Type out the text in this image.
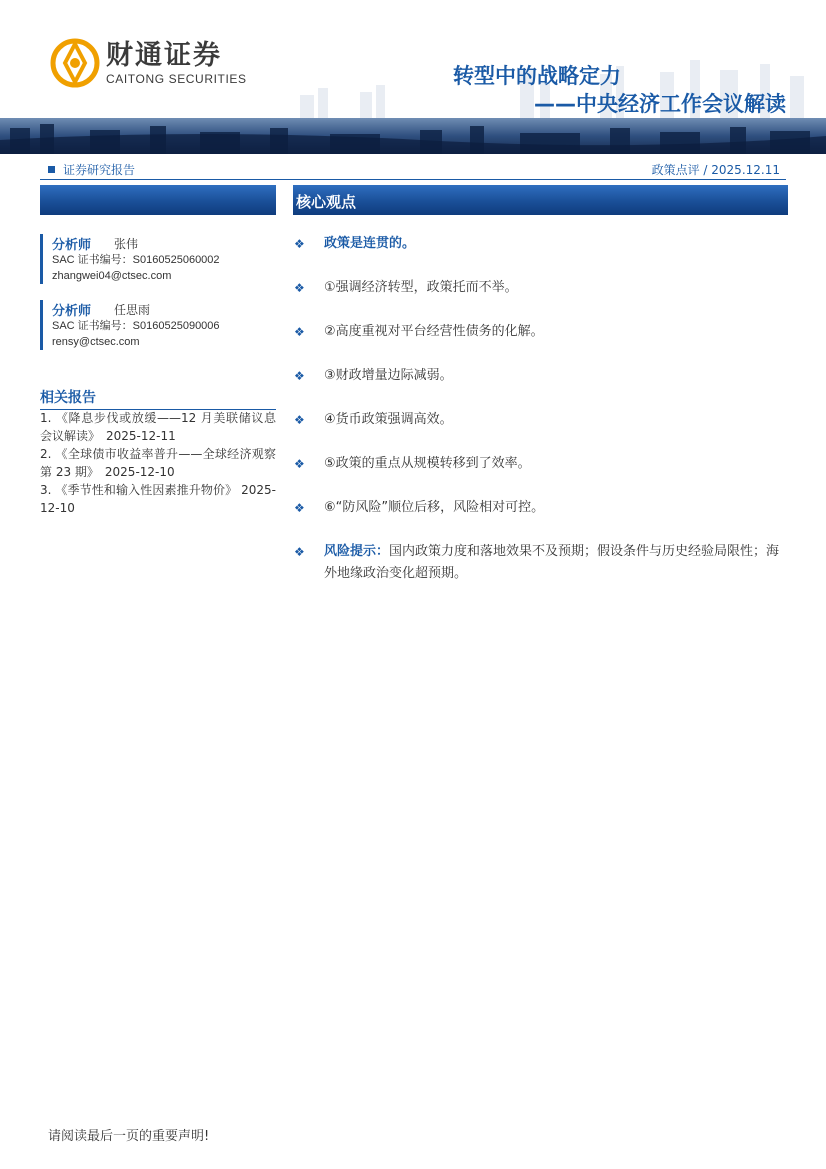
财通证券
CAITONG SECURITIES	转型中的战略定力
——中央经济工作会议解读
证券研究报告	政策点评 / 2025.12.11
分析师	张伟
SAC 证书编号：S0160525060002
zhangwei04@ctsec.com
分析师	任思雨
SAC 证书编号：S0160525090006
rensy@ctsec.com
相关报告
1. 《降息步伐或放缓——12 月美联储议息会议解读》　2025-12-11
2. 《全球债市收益率普升——全球经济观察第 23 期》　2025-12-10
3. 《季节性和输入性因素推升物价》 2025-12-10
核心观点
❖	政策是连贯的。
❖	①强调经济转型，政策托而不举。
❖	②高度重视对平台经营性债务的化解。
❖	③财政增量边际减弱。
❖	④货币政策强调高效。
❖	⑤政策的重点从规模转移到了效率。
❖	⑥“防风险”顺位后移，风险相对可控。
❖	风险提示：国内政策力度和落地效果不及预期；假设条件与历史经验局限性；海外地缘政治变化超预期。
请阅读最后一页的重要声明!
